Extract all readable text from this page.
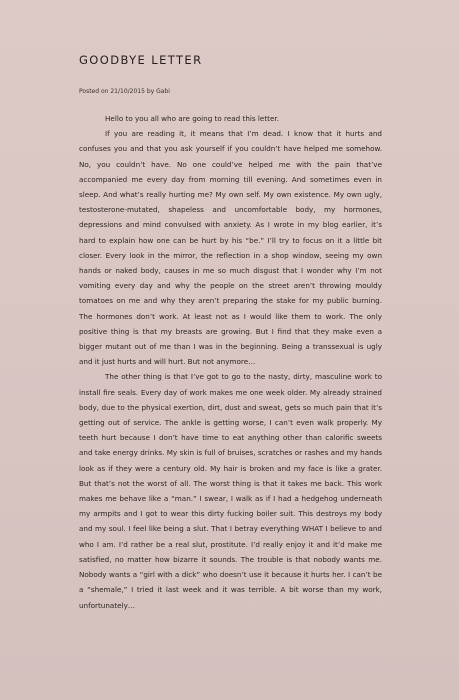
GOODBYE LETTER
Posted on 21/10/2015 by Gabi

Hello to you all who are going to read this letter.

If you are reading it, it means that I’m dead. I know that it hurts and confuses you and that you ask yourself if you couldn’t have helped me somehow. No, you couldn’t have. No one could’ve helped me with the pain that’ve accompanied me every day from morning till evening. And sometimes even in sleep. And what’s really hurting me? My own self. My own existence. My own ugly, testosterone-mutated, shapeless and uncomfortable body, my hormones, depressions and mind convulsed with anxiety. As I wrote in my blog earlier, it’s hard to explain how one can be hurt by his “be.” I’ll try to focus on it a little bit closer. Every look in the mirror, the reflection in a shop window, seeing my own hands or naked body, causes in me so much disgust that I wonder why I’m not vomiting every day and why the people on the street aren’t throwing mouldy tomatoes on me and why they aren’t preparing the stake for my public burning. The hormones don’t work. At least not as I would like them to work. The only positive thing is that my breasts are growing. But I find that they make even a bigger mutant out of me than I was in the beginning. Being a transsexual is ugly and it just hurts and will hurt. But not anymore…

The other thing is that I’ve got to go to the nasty, dirty, masculine work to install fire seals. Every day of work makes me one week older. My already strained body, due to the physical exertion, dirt, dust and sweat, gets so much pain that it’s getting out of service. The ankle is getting worse, I can’t even walk properly. My teeth hurt because I don’t have time to eat anything other than calorific sweets and take energy drinks. My skin is full of bruises, scratches or rashes and my hands look as if they were a century old. My hair is broken and my face is like a grater. But that’s not the worst of all. The worst thing is that it takes me back. This work makes me behave like a “man.” I swear, I walk as if I had a hedgehog underneath my armpits and I got to wear this dirty fucking boiler suit. This destroys my body and my soul. I feel like being a slut. That I betray everything WHAT I believe to and who I am. I’d rather be a real slut, prostitute. I’d really enjoy it and it’d make me satisfied, no matter how bizarre it sounds. The trouble is that nobody wants me. Nobody wants a “girl with a dick” who doesn’t use it because it hurts her. I can’t be a “shemale,” I tried it last week and it was terrible. A bit worse than my work, unfortunately…
